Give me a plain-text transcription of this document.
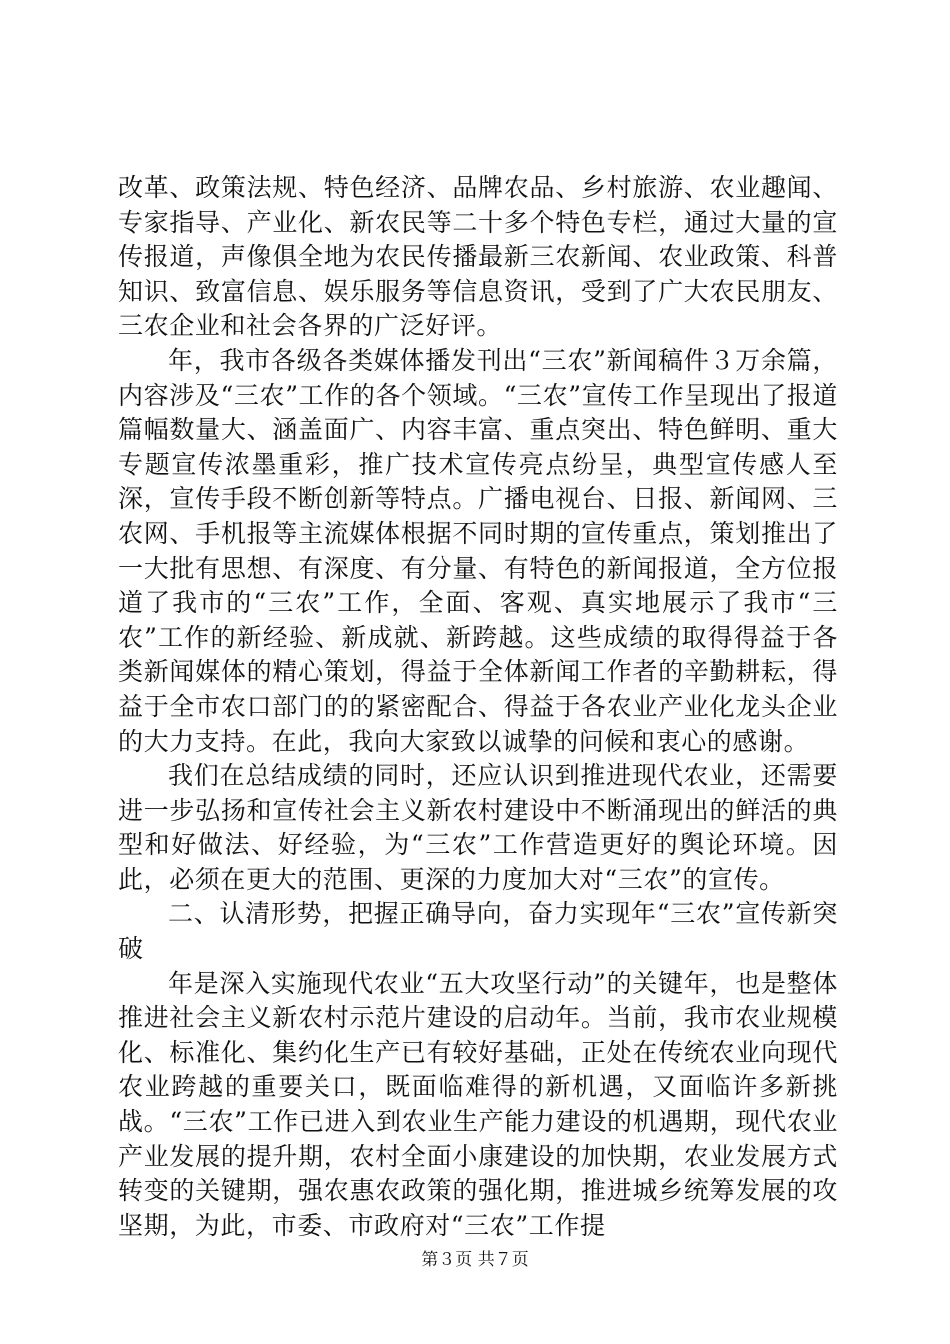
改革、政策法规、特色经济、品牌农品、乡村旅游、农业趣闻、专家指导、产业化、新农民等二十多个特色专栏，通过大量的宣传报道，声像俱全地为农民传播最新三农新闻、农业政策、科普知识、致富信息、娱乐服务等信息资讯，受到了广大农民朋友、三农企业和社会各界的广泛好评。

年，我市各级各类媒体播发刊出“三农”新闻稿件３万余篇，内容涉及“三农”工作的各个领域。“三农”宣传工作呈现出了报道篇幅数量大、涵盖面广、内容丰富、重点突出、特色鲜明、重大专题宣传浓墨重彩，推广技术宣传亮点纷呈，典型宣传感人至深，宣传手段不断创新等特点。广播电视台、日报、新闻网、三农网、手机报等主流媒体根据不同时期的宣传重点，策划推出了一大批有思想、有深度、有分量、有特色的新闻报道，全方位报道了我市的“三农”工作，全面、客观、真实地展示了我市“三农”工作的新经验、新成就、新跨越。这些成绩的取得得益于各类新闻媒体的精心策划，得益于全体新闻工作者的辛勤耕耘，得益于全市农口部门的的紧密配合、得益于各农业产业化龙头企业的大力支持。在此，我向大家致以诚挚的问候和衷心的感谢。

我们在总结成绩的同时，还应认识到推进现代农业，还需要进一步弘扬和宣传社会主义新农村建设中不断涌现出的鲜活的典型和好做法、好经验，为“三农”工作营造更好的舆论环境。因此，必须在更大的范围、更深的力度加大对“三农”的宣传。

二、认清形势，把握正确导向，奋力实现年“三农”宣传新突破

年是深入实施现代农业“五大攻坚行动”的关键年，也是整体推进社会主义新农村示范片建设的启动年。当前，我市农业规模化、标准化、集约化生产已有较好基础，正处在传统农业向现代农业跨越的重要关口，既面临难得的新机遇，又面临许多新挑战。“三农”工作已进入到农业生产能力建设的机遇期，现代农业产业发展的提升期，农村全面小康建设的加快期，农业发展方式转变的关键期，强农惠农政策的强化期，推进城乡统筹发展的攻坚期，为此，市委、市政府对“三农”工作提

第３页 共７页
